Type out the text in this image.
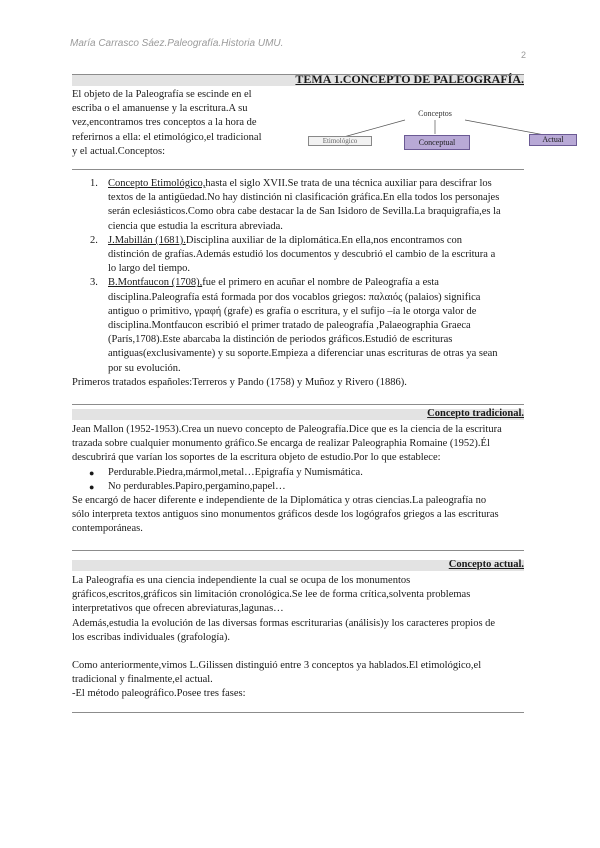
María Carrasco Sáez.Paleografía.Historia UMU.
2
TEMA 1.CONCEPTO DE PALEOGRAFÍA.
El objeto de la Paleografía se escinde en el
escriba o el amanuense y la escritura.A su
vez,encontramos tres conceptos a la hora de
referirnos a ella: el etimológico,el tradicional
y el actual.Conceptos:
Conceptos
Etimológico	Conceptual	Actual
1. Concepto Etimológico,hasta el siglo XVII.Se trata de una técnica auxiliar para descifrar los
textos de la antigüedad.No hay distinción ni clasificación gráfica.En ella todos los personajes
serán eclesiásticos.Como obra cabe destacar la de San Isidoro de Sevilla.La braquigrafía,es la
ciencia que estudia la escritura abreviada.
2. J.Mabillán (1681).Disciplina auxiliar de la diplomática.En ella,nos encontramos con
distinción de grafías.Además estudió los documentos y descubrió el cambio de la escritura a
lo largo del tiempo.
3. B.Montfaucon (1708),fue el primero en acuñar el nombre de Paleografía a esta
disciplina.Paleografía está formada por dos vocablos griegos: παλαιός (palaios) significa
antiguo o primitivo, γραφή (grafe) es grafía o escritura, y el sufijo –ía le otorga valor de
disciplina.Montfaucon escribió el primer tratado de paleografía ,Palaeographia Graeca
(París,1708).Este abarcaba la distinción de periodos gráficos.Estudió de escrituras
antiguas(exclusivamente) y su soporte.Empieza a diferenciar unas escrituras de otras ya sean
por su evolución.
Primeros tratados españoles:Terreros y Pando (1758) y Muñoz y Rivero (1886).
Concepto tradicional.
Jean Mallon (1952-1953).Crea un nuevo concepto de Paleografía.Dice que es la ciencia de la escritura
trazada sobre cualquier monumento gráfico.Se encarga de realizar Paleographia Romaine (1952).Él
descubrirá que varían los soportes de la escritura objeto de estudio.Por lo que establece:
● Perdurable.Piedra,mármol,metal…Epigrafía y Numismática.
● No perdurables.Papiro,pergamino,papel…
Se encargó de hacer diferente e independiente de la Diplomática y otras ciencias.La paleografía no
sólo interpreta textos antiguos sino monumentos gráficos desde los logógrafos griegos a las escrituras
contemporáneas.
Concepto actual.
La Paleografía es una ciencia independiente la cual se ocupa de los monumentos
gráficos,escritos,gráficos sin limitación cronológica.Se lee de forma crítica,solventa problemas
interpretativos que ofrecen abreviaturas,lagunas…
Además,estudia la evolución de las diversas formas escriturarias (análisis)y los caracteres propios de
los escribas individuales (grafología).
Como anteriormente,vimos L.Gilissen distinguió entre 3 conceptos ya hablados.El etimológico,el
tradicional y finalmente,el actual.
-El método paleográfico.Posee tres fases:
